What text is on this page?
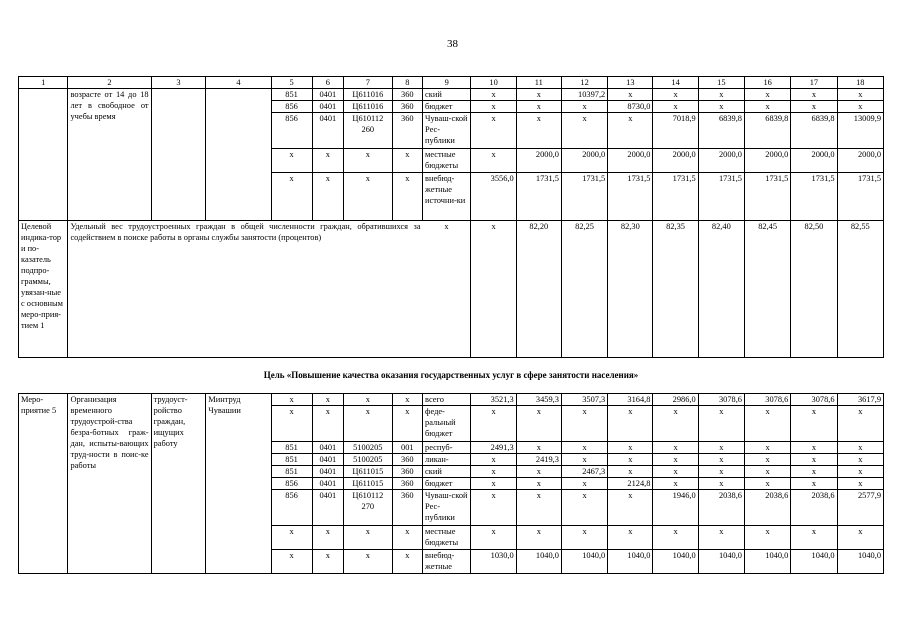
38
1	2	3	4	5	6	7	8	9	10	11	12	13	14	15	16	17	18
	возрасте от 14 до 18 лет в свободное от учебы время			851	0401	Ц611016	360	ский	x	x	10397,2	x	x	x	x	x	x
				856	0401	Ц611016	360	бюджет	x	x	x	8730,0	x	x	x	x	x
				856	0401	Ц610112 260	360	Чуваш-ской Рес-публики	x	x	x	x	7018,9	6839,8	6839,8	6839,8	13009,9
				x	x	x	x	местные бюджеты	x	2000,0	2000,0	2000,0	2000,0	2000,0	2000,0	2000,0	2000,0
				x	x	x	x	внебюд-жетные источни-ки	3556,0	1731,5	1731,5	1731,5	1731,5	1731,5	1731,5	1731,5	1731,5
Целевой индика-тор и по-казатель подпро-граммы, увязан-ные с основным меро-прия-тием 1	Удельный вес трудоустроенных граждан в общей численности граждан, обратившихся за содействием в поиске работы в органы службы занятости (процентов)							x	x	82,20	82,25	82,30	82,35	82,40	82,45	82,50	82,55
Цель «Повышение качества оказания государственных услуг в сфере занятости населения»
Меро-приятие 5	Организация временного трудоустрой-ства безра-ботных граж-дан, испыты-вающих труд-ности в поис-ке работы	трудоуст-ройство граждан, ищущих работу	Минтруд Чувашии	x	x	x	x	всего	3521,3	3459,3	3507,3	3164,8	2986,0	3078,6	3078,6	3078,6	3617,9
				x	x	x	x	феде-ральный бюджет	x	x	x	x	x	x	x	x	x
				851	0401	5100205	001	респуб-	2491,3	x	x	x	x	x	x	x	x
				851	0401	5100205	360	ликан-	x	2419,3	x	x	x	x	x	x	x
				851	0401	Ц611015	360	ский	x	x	2467,3	x	x	x	x	x	x
				856	0401	Ц611015	360	бюджет	x	x	x	2124,8	x	x	x	x	x
				856	0401	Ц610112 270	360	Чуваш-ской Рес-публики	x	x	x	x	1946,0	2038,6	2038,6	2038,6	2577,9
				x	x	x	x	местные бюджеты	x	x	x	x	x	x	x	x	x
				x	x	x	x	внебюд-жетные	1030,0	1040,0	1040,0	1040,0	1040,0	1040,0	1040,0	1040,0	1040,0
